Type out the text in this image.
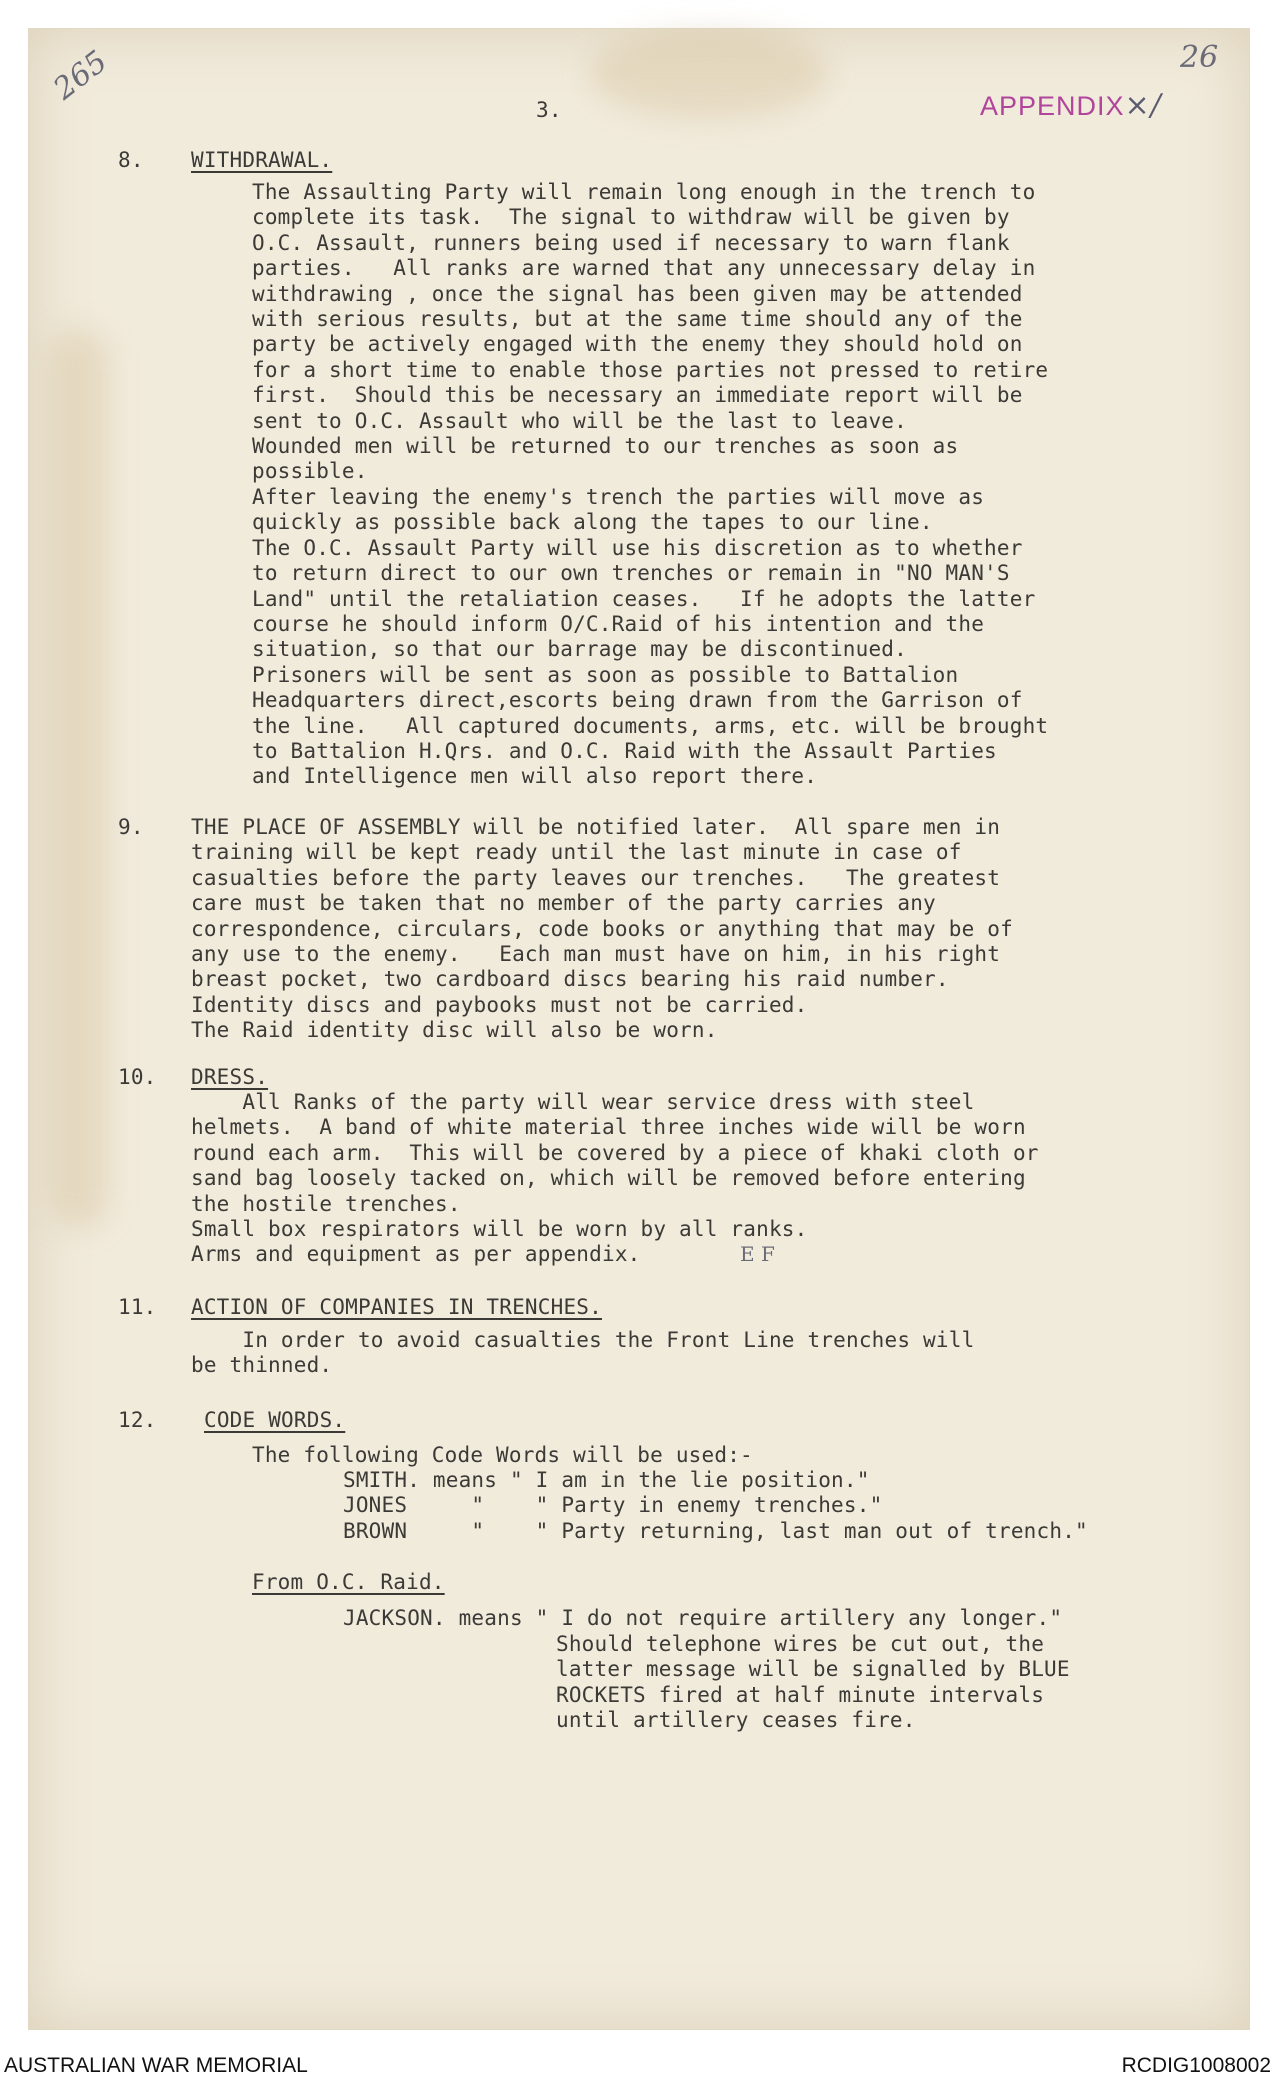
265	26
3.	APPENDIX×/
8. WITHDRAWAL.
The Assaulting Party will remain long enough in the trench to
complete its task.  The signal to withdraw will be given by
O.C. Assault, runners being used if necessary to warn flank
parties.   All ranks are warned that any unnecessary delay in
withdrawing , once the signal has been given may be attended
with serious results, but at the same time should any of the
party be actively engaged with the enemy they should hold on
for a short time to enable those parties not pressed to retire
first.  Should this be necessary an immediate report will be
sent to O.C. Assault who will be the last to leave.
Wounded men will be returned to our trenches as soon as
possible.
After leaving the enemy's trench the parties will move as
quickly as possible back along the tapes to our line.
The O.C. Assault Party will use his discretion as to whether
to return direct to our own trenches or remain in "NO MAN'S
Land" until the retaliation ceases.   If he adopts the latter
course he should inform O/C.Raid of his intention and the
situation, so that our barrage may be discontinued.
Prisoners will be sent as soon as possible to Battalion
Headquarters direct,escorts being drawn from the Garrison of
the line.   All captured documents, arms, etc. will be brought
to Battalion H.Qrs. and O.C. Raid with the Assault Parties
and Intelligence men will also report there.
9. THE PLACE OF ASSEMBLY will be notified later.  All spare men in
training will be kept ready until the last minute in case of
casualties before the party leaves our trenches.   The greatest
care must be taken that no member of the party carries any
correspondence, circulars, code books or anything that may be of
any use to the enemy.   Each man must have on him, in his right
breast pocket, two cardboard discs bearing his raid number.
Identity discs and paybooks must not be carried.
The Raid identity disc will also be worn.
10. DRESS.
All Ranks of the party will wear service dress with steel
helmets.  A band of white material three inches wide will be worn
round each arm.  This will be covered by a piece of khaki cloth or
sand bag loosely tacked on, which will be removed before entering
the hostile trenches.
Small box respirators will be worn by all ranks.
Arms and equipment as per appendix.	E F
11. ACTION OF COMPANIES IN TRENCHES.
In order to avoid casualties the Front Line trenches will
be thinned.
12. CODE WORDS.
The following Code Words will be used:-
SMITH. means " I am in the lie position."
JONES     "    " Party in enemy trenches."
BROWN     "    " Party returning, last man out of trench."
From O.C. Raid.
JACKSON. means " I do not require artillery any longer."
Should telephone wires be cut out, the
latter message will be signalled by BLUE
ROCKETS fired at half minute intervals
until artillery ceases fire.
AUSTRALIAN WAR MEMORIAL	RCDIG1008002
